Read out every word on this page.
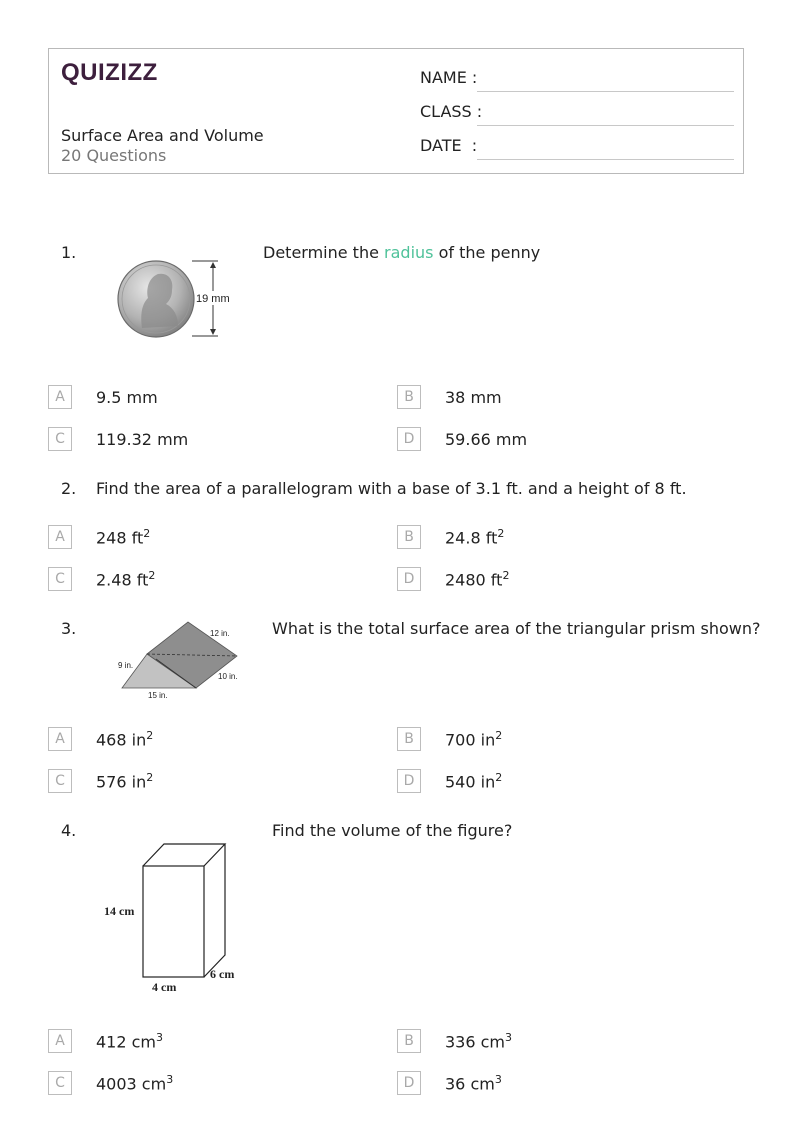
QUIZIZZ
Surface Area and Volume
20 Questions
NAME :
CLASS :
DATE  :
1.
19 mm
Determine the radius of the penny
A	9.5 mm	B	38 mm
C	119.32 mm	D	59.66 mm
2. Find the area of a parallelogram with a base of 3.1 ft. and a height of 8 ft.
A	248 $ft^2$	B	24.8 $ft^2$
C	2.48 $ft^2$	D	2480 $ft^2$
3.	12 in.
9 in.
10 in.
15 in.
What is the total surface area of the triangular prism shown?
A	468 $in^2$	B	700 $in^2$
C	576 $in^2$	D	540 $in^2$
4.
14 cm
4 cm
6 cm
Find the volume of the figure?
A	412 $cm^3$	B	336 $cm^3$
C	4003 $cm^3$	D	36 $cm^3$
